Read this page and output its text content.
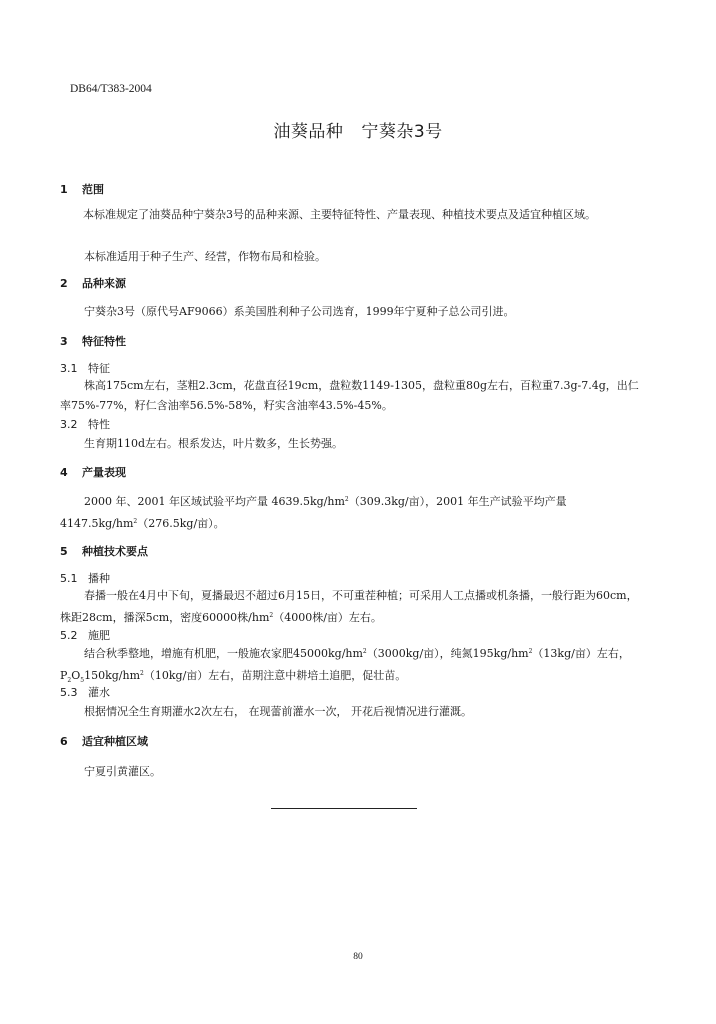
DB64/T383-2004
油葵品种 宁葵杂3号
1 范围
本标准规定了油葵品种宁葵杂3号的品种来源、主要特征特性、产量表现、种植技术要点及适宜种植区域。
本标准适用于种子生产、经营，作物布局和检验。
2 品种来源
宁葵杂3号（原代号AF9066）系美国胜利种子公司选育，1999年宁夏种子总公司引进。
3 特征特性
3.1 特征
株高175cm左右，茎粗2.3cm，花盘直径19cm，盘粒数1149-1305，盘粒重80g左右，百粒重7.3g-7.4g，出仁率75%-77%，籽仁含油率56.5%-58%，籽实含油率43.5%-45%。
3.2 特性
生育期110d左右。根系发达，叶片数多，生长势强。
4 产量表现
2000 年、2001 年区域试验平均产量 $4639.5kg/hm^2(309.3kg/$亩），2001 年生产试验平均产量 $4147.5kg/hm^2(276.5kg/$亩）。
5 种植技术要点
5.1 播种
春播一般在4月中下旬，夏播最迟不超过6月15日，不可重茬种植；可采用人工点播或机条播，一般行距为60cm，株距28cm，播深5cm，密度60000株$/hm^2(4000$株/亩）左右。
5.2 施肥
结合秋季整地，增施有机肥，一般施农家肥$45000kg/hm^2(3000kg/$亩），纯氮$195kg/hm^2(13kg/$亩）左右，$P_2O_5150kg/hm^2(10kg/$亩）左右，苗期注意中耕培土追肥，促壮苗。
5.3 灌水
根据情况全生育期灌水2次左右， 在现蕾前灌水一次， 开花后视情况进行灌溉。
6 适宜种植区域
宁夏引黄灌区。
80
